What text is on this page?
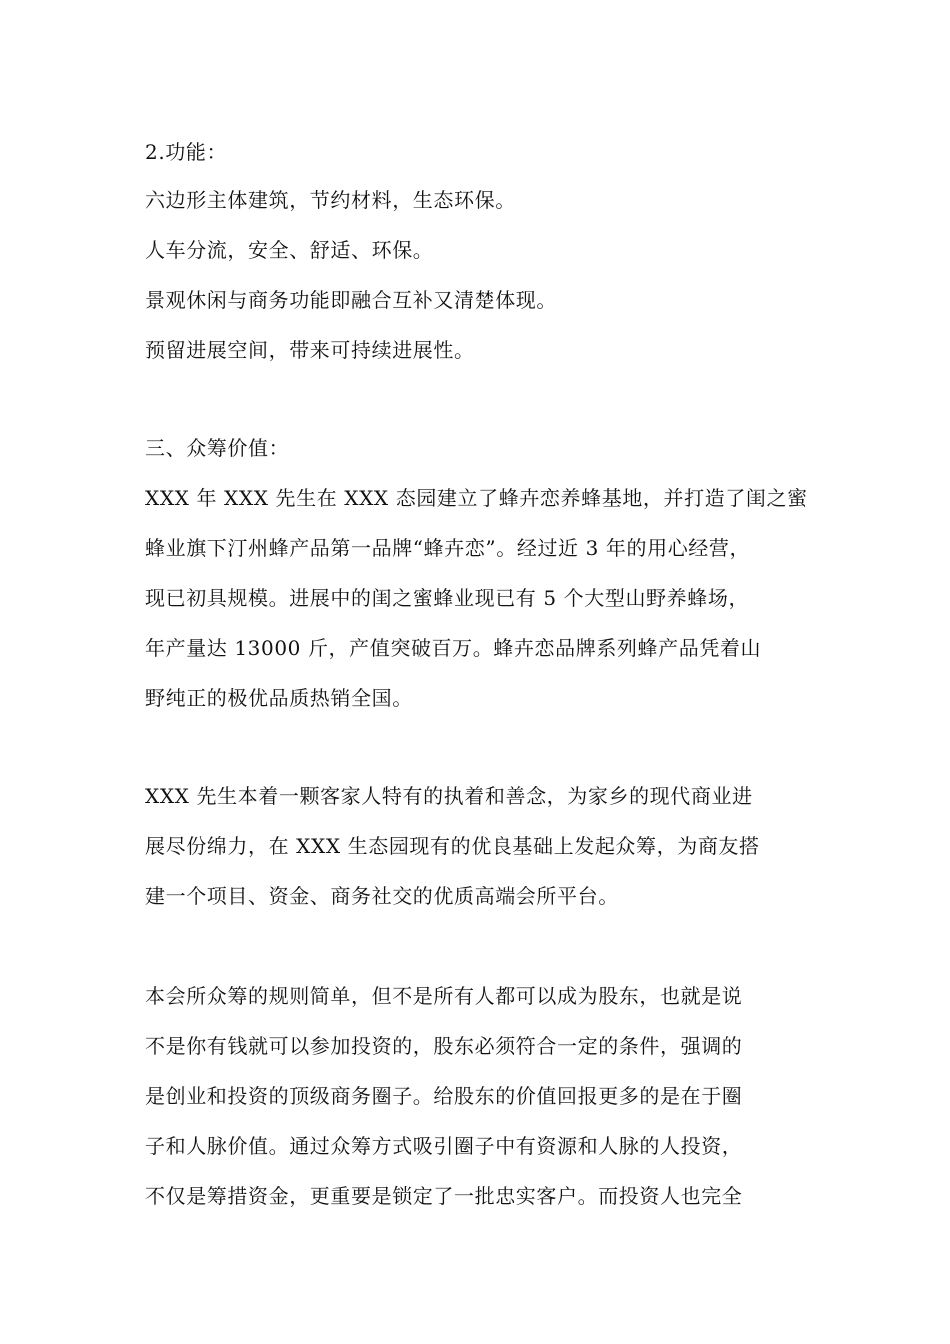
2.功能：
六边形主体建筑，节约材料，生态环保。
人车分流，安全、舒适、环保。
景观休闲与商务功能即融合互补又清楚体现。
预留进展空间，带来可持续进展性。
三、众筹价值：
XXX 年 XXX 先生在 XXX 态园建立了蜂卉恋养蜂基地，并打造了闺之蜜
蜂业旗下汀州蜂产品第一品牌“蜂卉恋”。经过近 3 年的用心经营，
现已初具规模。进展中的闺之蜜蜂业现已有 5 个大型山野养蜂场，
年产量达 13000 斤，产值突破百万。蜂卉恋品牌系列蜂产品凭着山
野纯正的极优品质热销全国。
XXX 先生本着一颗客家人特有的执着和善念，为家乡的现代商业进
展尽份绵力，在 XXX 生态园现有的优良基础上发起众筹，为商友搭
建一个项目、资金、商务社交的优质高端会所平台。
本会所众筹的规则简单，但不是所有人都可以成为股东，也就是说
不是你有钱就可以参加投资的，股东必须符合一定的条件，强调的
是创业和投资的顶级商务圈子。给股东的价值回报更多的是在于圈
子和人脉价值。通过众筹方式吸引圈子中有资源和人脉的人投资，
不仅是筹措资金，更重要是锁定了一批忠实客户。而投资人也完全
